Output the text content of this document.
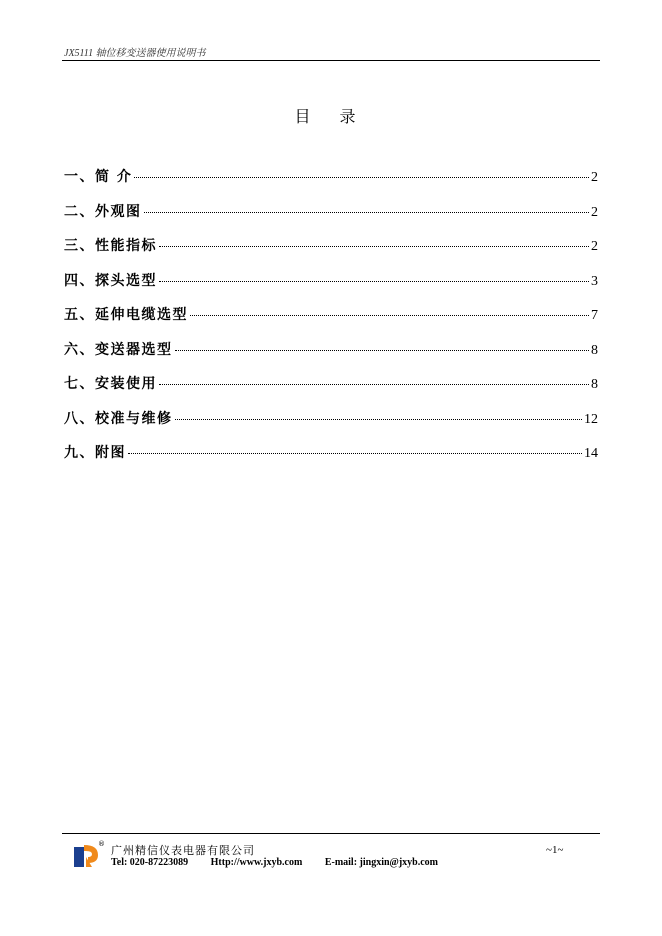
JX5111 轴位移变送器使用说明书
目 录
一、简 介	2
二、外观图	2
三、性能指标	2
四、探头选型	3
五、延伸电缆选型	7
六、变送器选型	8
七、安装使用	8
八、校准与维修	12
九、附图	14
® 广州精信仪表电器有限公司
Tel: 020-87223089 Http://www.jxyb.com E-mail: jingxin@jxyb.com
~1~
